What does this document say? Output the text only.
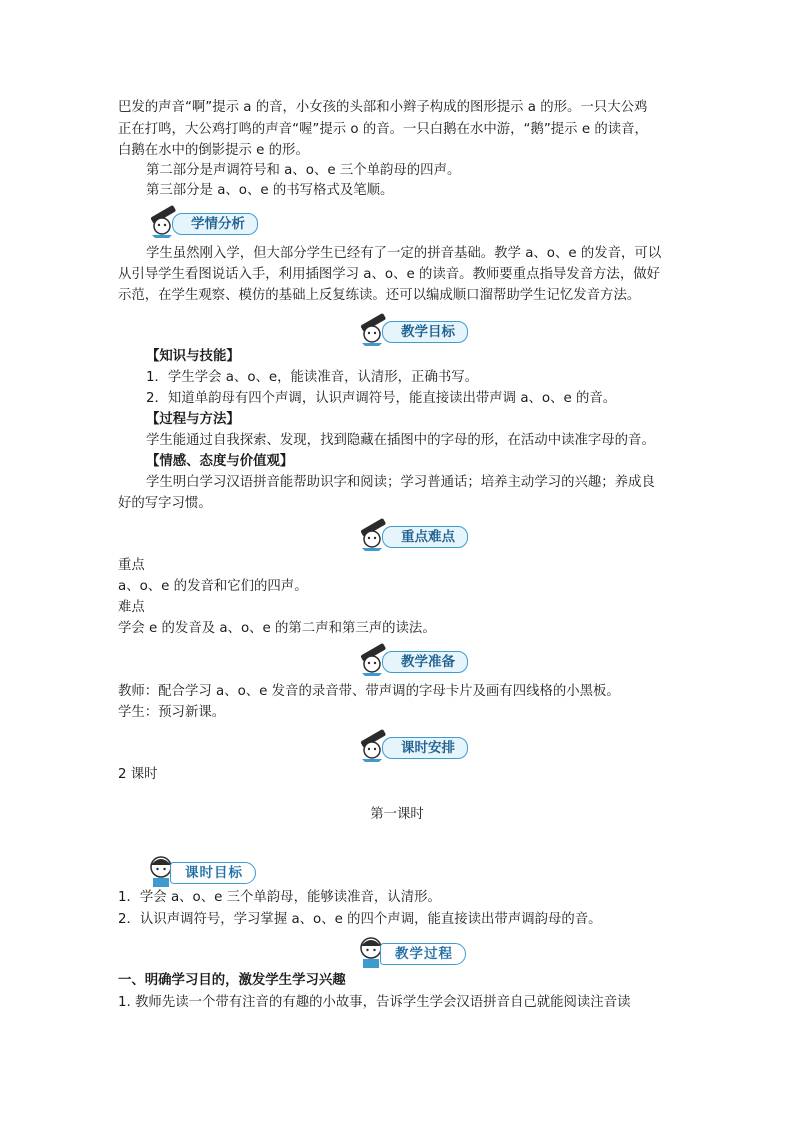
巴发的声音“啊”提示 a 的音，小女孩的头部和小辫子构成的图形提示 a 的形。一只大公鸡
正在打鸣，大公鸡打鸣的声音“喔”提示 o 的音。一只白鹅在水中游，“鹅”提示 e 的读音，
白鹅在水中的倒影提示 e 的形。
第二部分是声调符号和 a、o、e 三个单韵母的四声。
第三部分是 a、o、e 的书写格式及笔顺。
学情分析
学生虽然刚入学，但大部分学生已经有了一定的拼音基础。教学 a、o、e 的发音，可以
从引导学生看图说话入手，利用插图学习 a、o、e 的读音。教师要重点指导发音方法，做好
示范，在学生观察、模仿的基础上反复练读。还可以编成顺口溜帮助学生记忆发音方法。
教学目标
【知识与技能】
1．学生学会 a、o、e，能读准音，认清形，正确书写。
2．知道单韵母有四个声调，认识声调符号，能直接读出带声调 a、o、e 的音。
【过程与方法】
学生能通过自我探索、发现，找到隐藏在插图中的字母的形，在活动中读准字母的音。
【情感、态度与价值观】
学生明白学习汉语拼音能帮助识字和阅读；学习普通话；培养主动学习的兴趣；养成良
好的写字习惯。
重点难点
重点
a、o、e 的发音和它们的四声。
难点
学会 e 的发音及 a、o、e 的第二声和第三声的读法。
教学准备
教师：配合学习 a、o、e 发音的录音带、带声调的字母卡片及画有四线格的小黑板。
学生：预习新课。
课时安排
2 课时
第一课时
课时目标
1．学会 a、o、e 三个单韵母，能够读准音，认清形。
2．认识声调符号，学习掌握 a、o、e 的四个声调，能直接读出带声调韵母的音。
教学过程
一、明确学习目的，激发学生学习兴趣
1. 教师先读一个带有注音的有趣的小故事，告诉学生学会汉语拼音自己就能阅读注音读
